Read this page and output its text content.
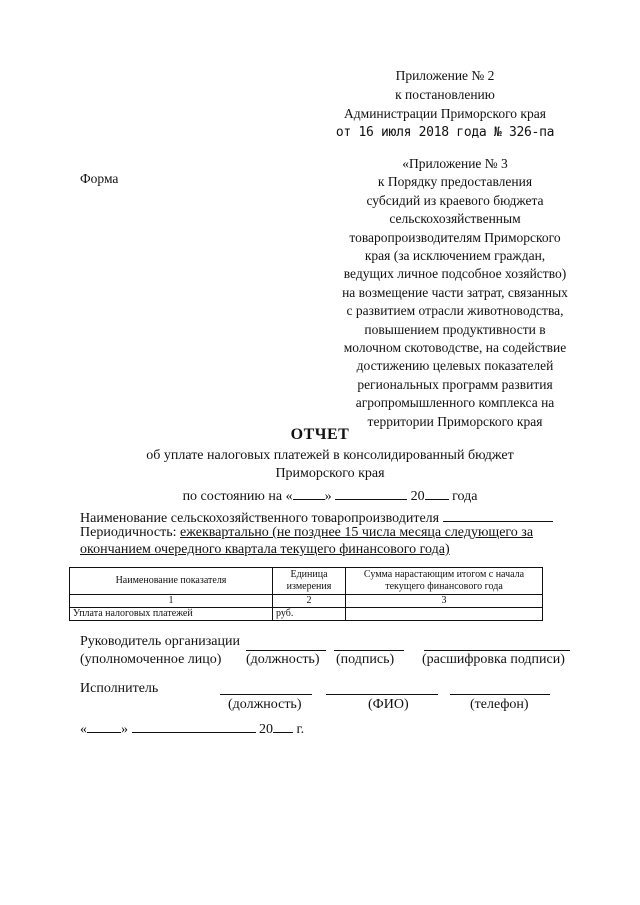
Приложение № 2
к постановлению
Администрации Приморского края
от 16 июля 2018 года № 326-па
Форма
«Приложение № 3
к Порядку предоставления
субсидий из краевого бюджета
сельскохозяйственным
товаропроизводителям Приморского
края (за исключением граждан,
ведущих личное подсобное хозяйство)
на возмещение части затрат, связанных
с развитием отрасли животноводства,
повышением продуктивности в
молочном скотоводстве, на содействие
достижению целевых показателей
региональных программ развития
агропромышленного комплекса на
территории Приморского края
ОТЧЕТ
об уплате налоговых платежей в консолидированный бюджет
Приморского края
по состоянию на « »	20 года
Наименование сельскохозяйственного товаропроизводителя
Периодичность: ежеквартально (не позднее 15 числа месяца следующего за
окончанием очередного квартала текущего финансового года)
Наименование показателя	Единица измерения	Сумма нарастающим итогом с начала текущего финансового года
1	2	3
Уплата налоговых платежей	руб.	
Руководитель организации
(уполномоченное лицо) (должность) (подпись) (расшифровка подписи)
Исполнитель
(должность)	(ФИО)	(телефон)
« »	20 г.
